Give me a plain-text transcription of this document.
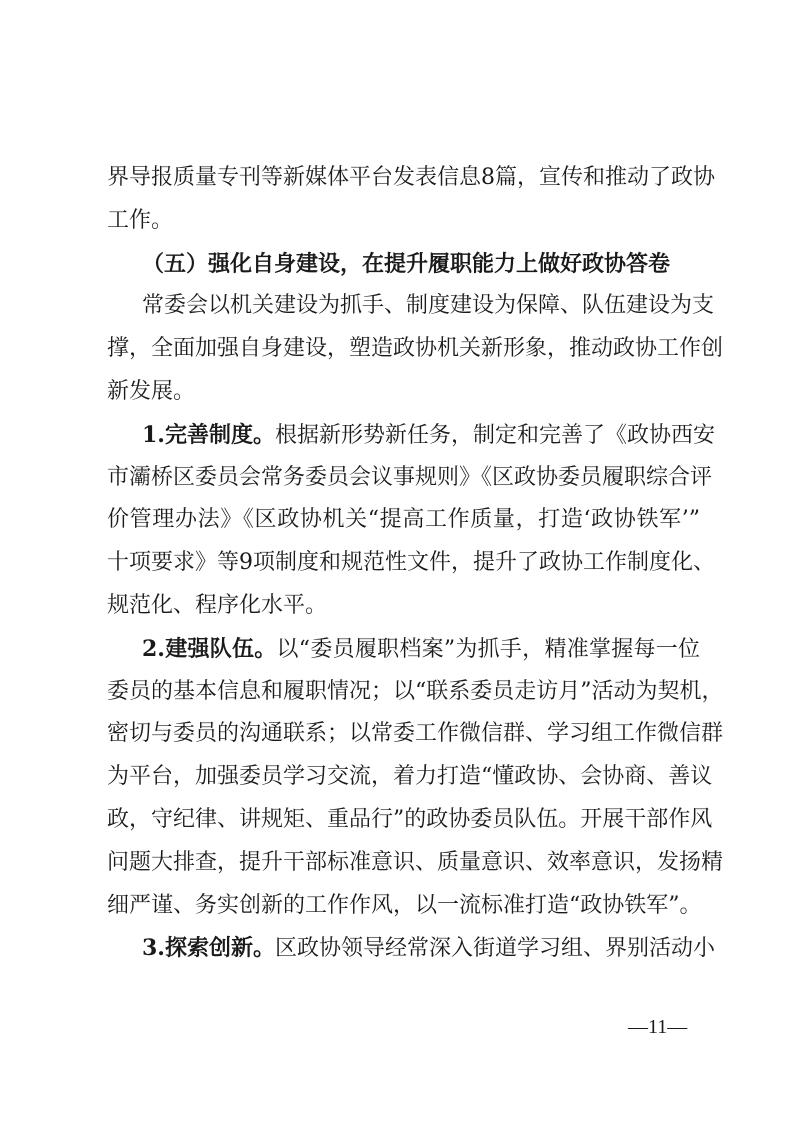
界导报质量专刊等新媒体平台发表信息8篇，宣传和推动了政协
工作。
（五）强化自身建设，在提升履职能力上做好政协答卷
常委会以机关建设为抓手、制度建设为保障、队伍建设为支
撑，全面加强自身建设，塑造政协机关新形象，推动政协工作创
新发展。
1.完善制度。根据新形势新任务，制定和完善了《政协西安
市灞桥区委员会常务委员会议事规则》《区政协委员履职综合评
价管理办法》《区政协机关“提高工作质量，打造‘政协铁军’”
十项要求》等9项制度和规范性文件，提升了政协工作制度化、
规范化、程序化水平。
2.建强队伍。以“委员履职档案”为抓手，精准掌握每一位
委员的基本信息和履职情况；以“联系委员走访月”活动为契机，
密切与委员的沟通联系；以常委工作微信群、学习组工作微信群
为平台，加强委员学习交流，着力打造“懂政协、会协商、善议
政，守纪律、讲规矩、重品行”的政协委员队伍。开展干部作风
问题大排查，提升干部标准意识、质量意识、效率意识，发扬精
细严谨、务实创新的工作作风，以一流标准打造“政协铁军”。
3.探索创新。区政协领导经常深入街道学习组、界别活动小
—11—
